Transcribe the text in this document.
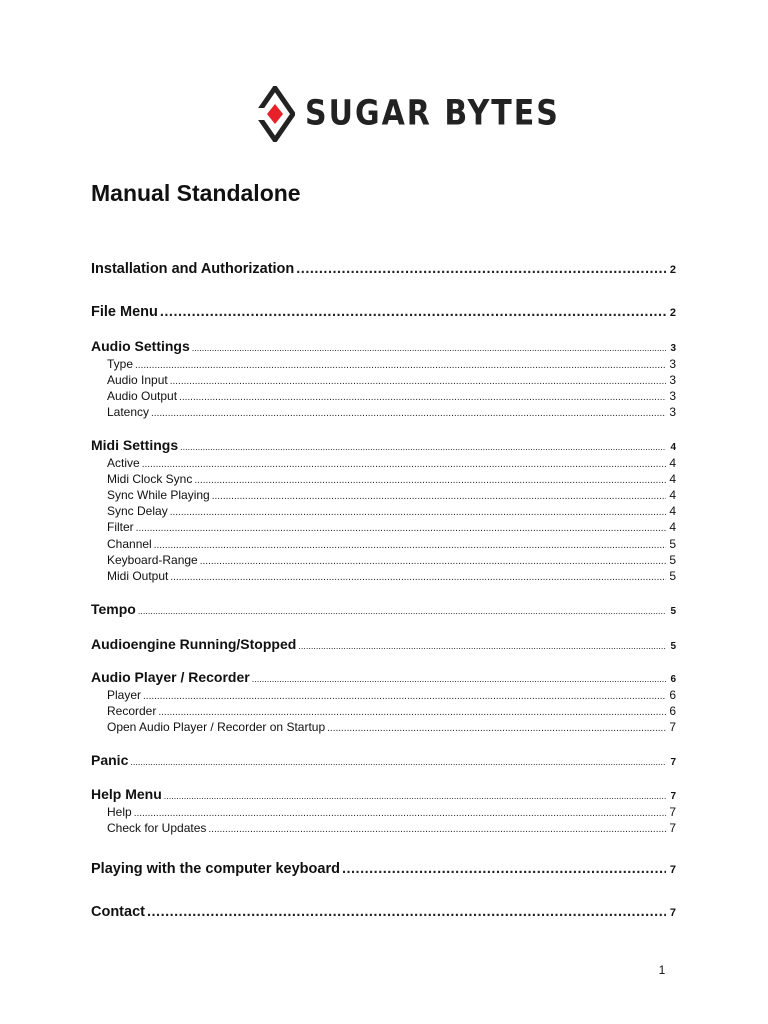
SUGAR BYTES
Manual Standalone
Installation and Authorization .....	2
File Menu .....	2
Audio Settings .....	3
Type .....	3
Audio Input .....	3
Audio Output .....	3
Latency .....	3
Midi Settings .....	4
Active .....	4
Midi Clock Sync .....	4
Sync While Playing .....	4
Sync Delay .....	4
Filter .....	4
Channel .....	5
Keyboard-Range .....	5
Midi Output .....	5
Tempo .....	5
Audioengine Running/Stopped .....	5
Audio Player / Recorder .....	6
Player .....	6
Recorder .....	6
Open Audio Player / Recorder on Startup .....	7
Panic .....	7
Help Menu .....	7
Help .....	7
Check for Updates .....	7
Playing with the computer keyboard .....	7
Contact .....	7
1
